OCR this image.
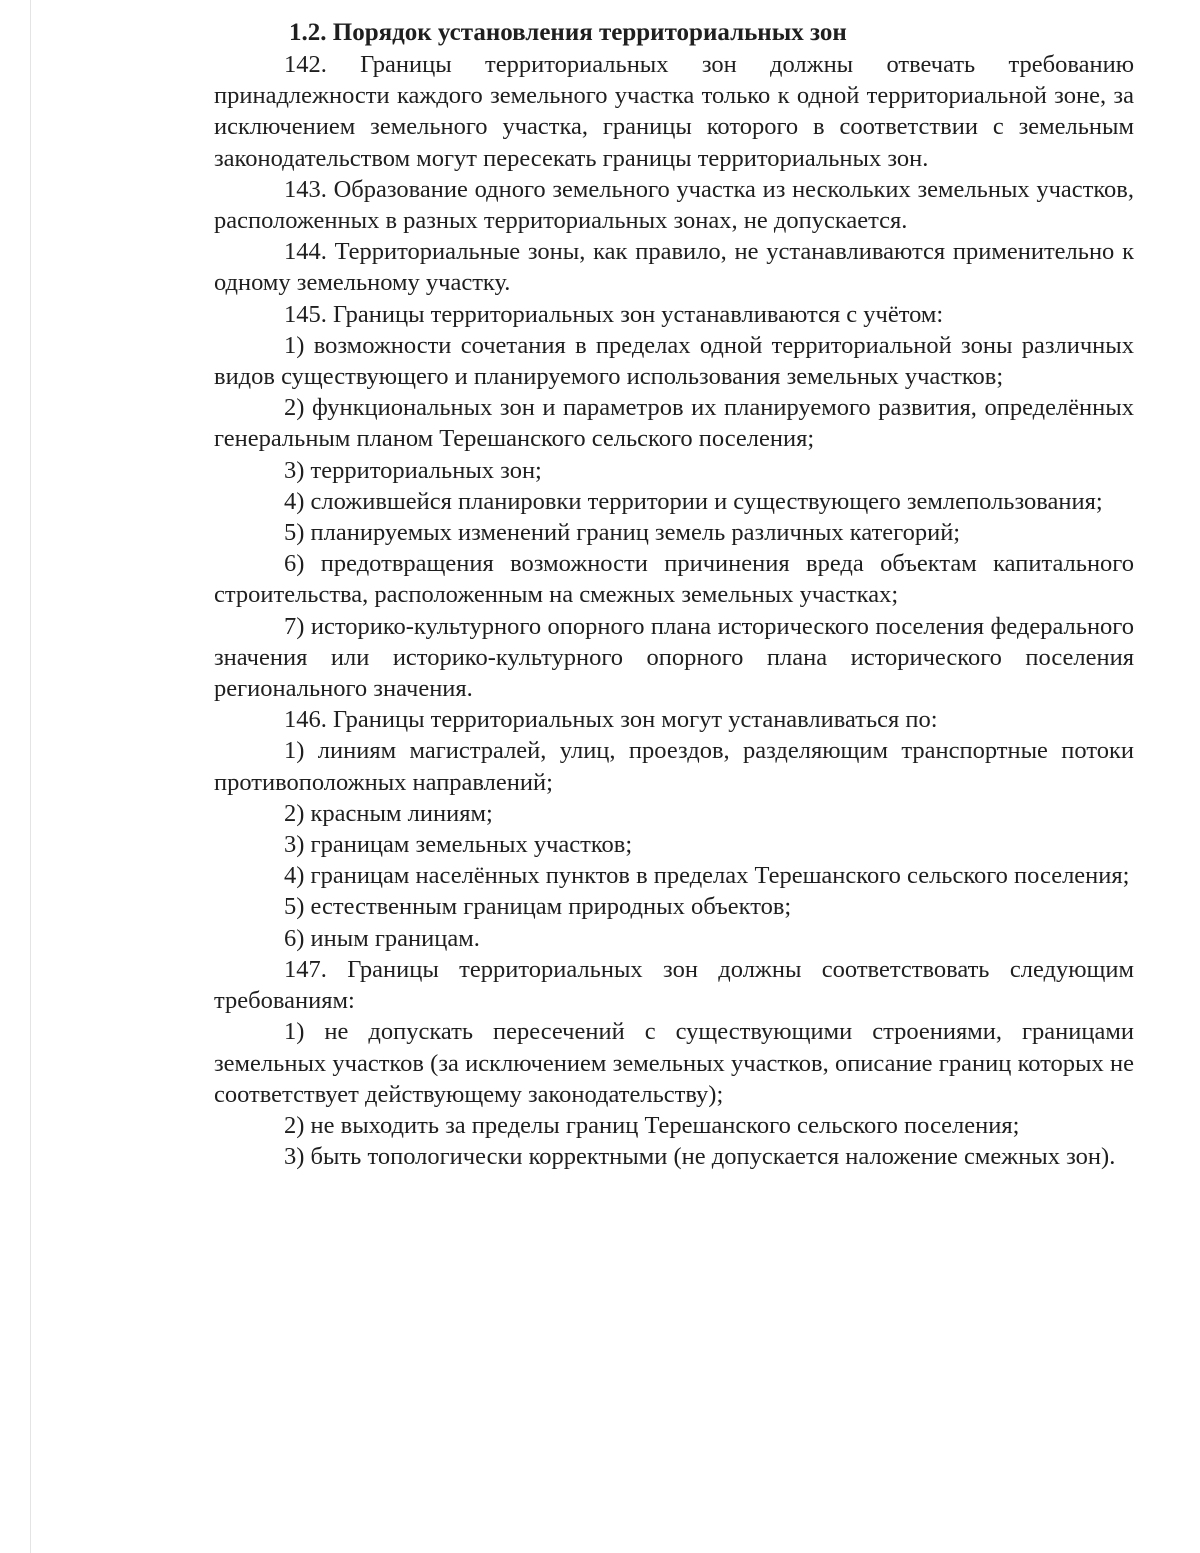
1.2. Порядок установления территориальных зон

142. Границы территориальных зон должны отвечать требованию принадлежности каждого земельного участка только к одной территориальной зоне, за исключением земельного участка, границы которого в соответствии с земельным законодательством могут пересекать границы территориальных зон.

143. Образование одного земельного участка из нескольких земельных участков, расположенных в разных территориальных зонах, не допускается.

144. Территориальные зоны, как правило, не устанавливаются применительно к одному земельному участку.

145. Границы территориальных зон устанавливаются с учётом:

1) возможности сочетания в пределах одной территориальной зоны различных видов существующего и планируемого использования земельных участков;

2) функциональных зон и параметров их планируемого развития, определённых генеральным планом Терешанского сельского поселения;

3) территориальных зон;

4) сложившейся планировки территории и существующего землепользования;

5) планируемых изменений границ земель различных категорий;

6) предотвращения возможности причинения вреда объектам капитального строительства, расположенным на смежных земельных участках;

7) историко-культурного опорного плана исторического поселения федерального значения или историко-культурного опорного плана исторического поселения регионального значения.

146. Границы территориальных зон могут устанавливаться по:

1) линиям магистралей, улиц, проездов, разделяющим транспортные потоки противоположных направлений;

2) красным линиям;

3) границам земельных участков;

4) границам населённых пунктов в пределах Терешанского сельского поселения;

5) естественным границам природных объектов;

6) иным границам.

147. Границы территориальных зон должны соответствовать следующим требованиям:

1) не допускать пересечений с существующими строениями, границами земельных участков (за исключением земельных участков, описание границ которых не соответствует действующему законодательству);

2) не выходить за пределы границ Терешанского сельского поселения;

3) быть топологически корректными (не допускается наложение смежных зон).
